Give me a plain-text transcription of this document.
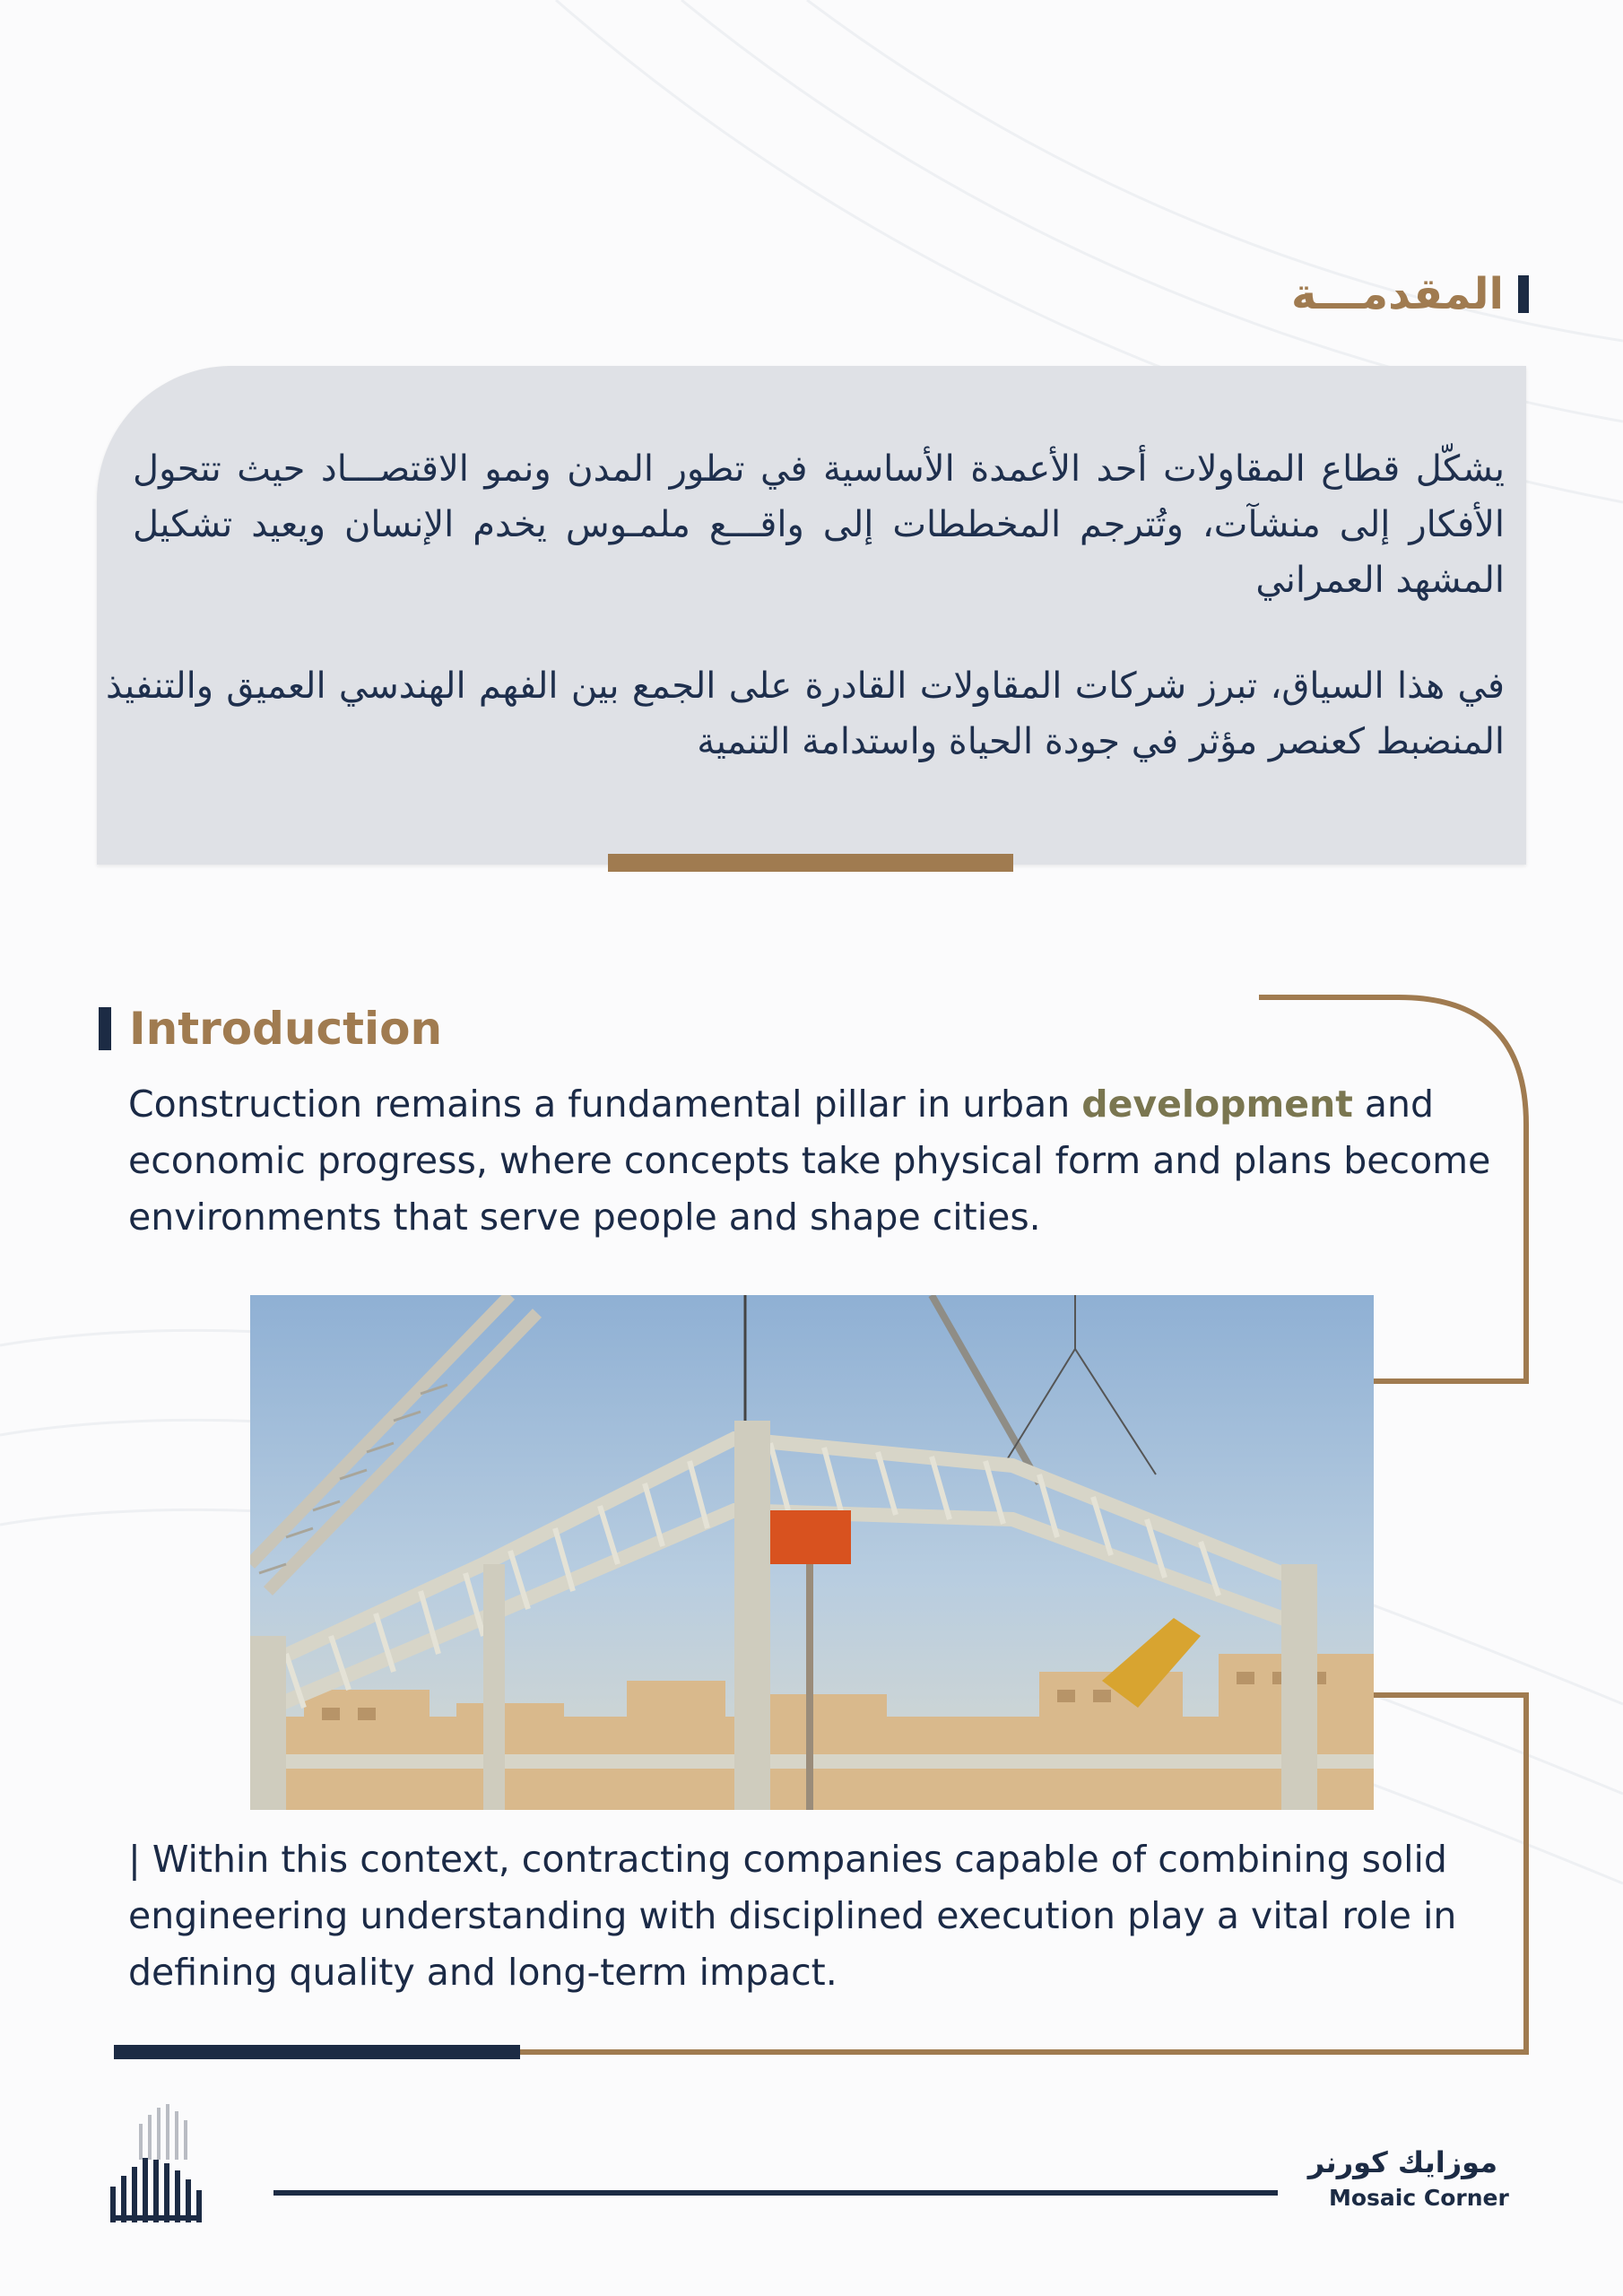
المقدمـــة
يشكّل قطاع المقاولات أحد الأعمدة الأساسية في تطور المدن ونمو الاقتصـــاد حيث تتحول الأفكار إلى منشآت، وتُترجم المخططات إلى واقـــع ملمـوس يخدم الإنسان ويعيد تشكيل المشهد العمراني
في هذا السياق، تبرز شركات المقاولات القادرة على الجمع بين الفهم الهندسي العميق والتنفيذ المنضبط كعنصر مؤثر في جودة الحياة واستدامة التنمية
Introduction
Construction remains a fundamental pillar in urban development and economic progress, where concepts take physical form and plans become environments that serve people and shape cities.
| Within this context, contracting companies capable of combining solid engineering understanding with disciplined execution play a vital role in defining quality and long-term impact.
موزايك كورنر
Mosaic Corner
